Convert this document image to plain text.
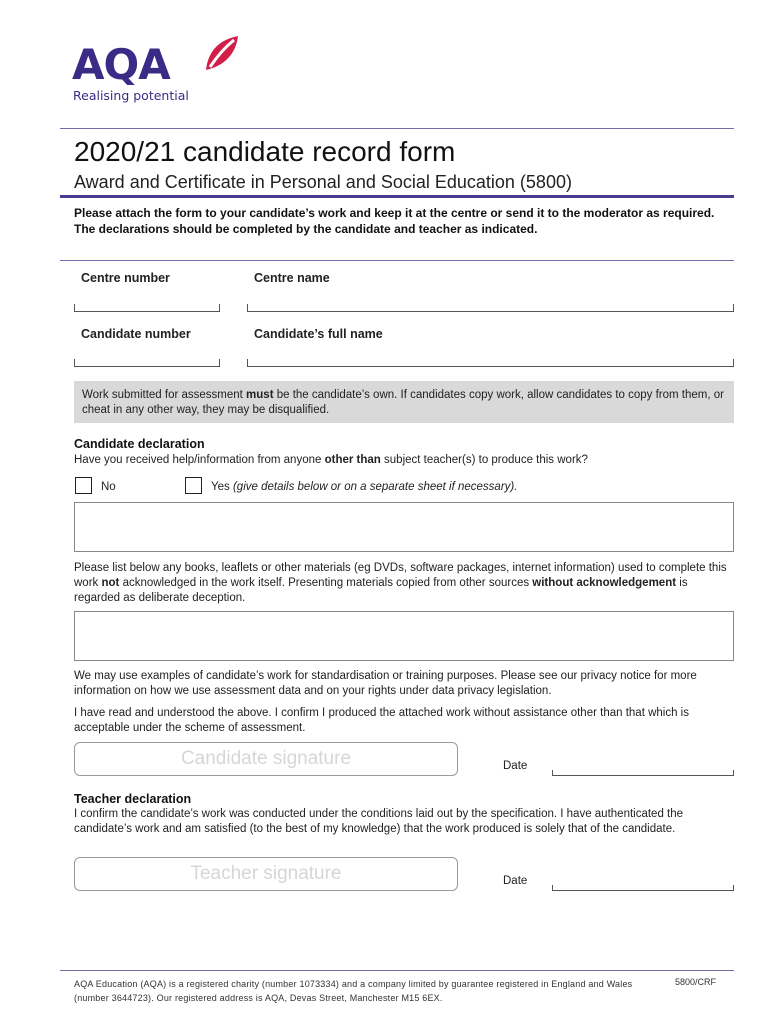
AQA
Realising potential
2020/21 candidate record form
Award and Certificate in Personal and Social Education (5800)
Please attach the form to your candidate’s work and keep it at the centre or send it to the moderator as required. The declarations should be completed by the candidate and teacher as indicated.
Centre number	Centre name
Candidate number	Candidate’s full name
Work submitted for assessment must be the candidate’s own. If candidates copy work, allow candidates to copy from them, or cheat in any other way, they may be disqualified.
Candidate declaration
Have you received help/information from anyone other than subject teacher(s) to produce this work?
No	Yes (give details below or on a separate sheet if necessary).
Please list below any books, leaflets or other materials (eg DVDs, software packages, internet information) used to complete this work not acknowledged in the work itself. Presenting materials copied from other sources without acknowledgement is regarded as deliberate deception.
We may use examples of candidate’s work for standardisation or training purposes. Please see our privacy notice for more information on how we use assessment data and on your rights under data privacy legislation.
I have read and understood the above. I confirm I produced the attached work without assistance other than that which is acceptable under the scheme of assessment.
Candidate signature	Date
Teacher declaration
I confirm the candidate’s work was conducted under the conditions laid out by the specification. I have authenticated the candidate’s work and am satisfied (to the best of my knowledge) that the work produced is solely that of the candidate.
Teacher signature	Date
AQA Education (AQA) is a registered charity (number 1073334) and a company limited by guarantee registered in England and Wales (number 3644723). Our registered address is AQA, Devas Street, Manchester M15 6EX.
5800/CRF
